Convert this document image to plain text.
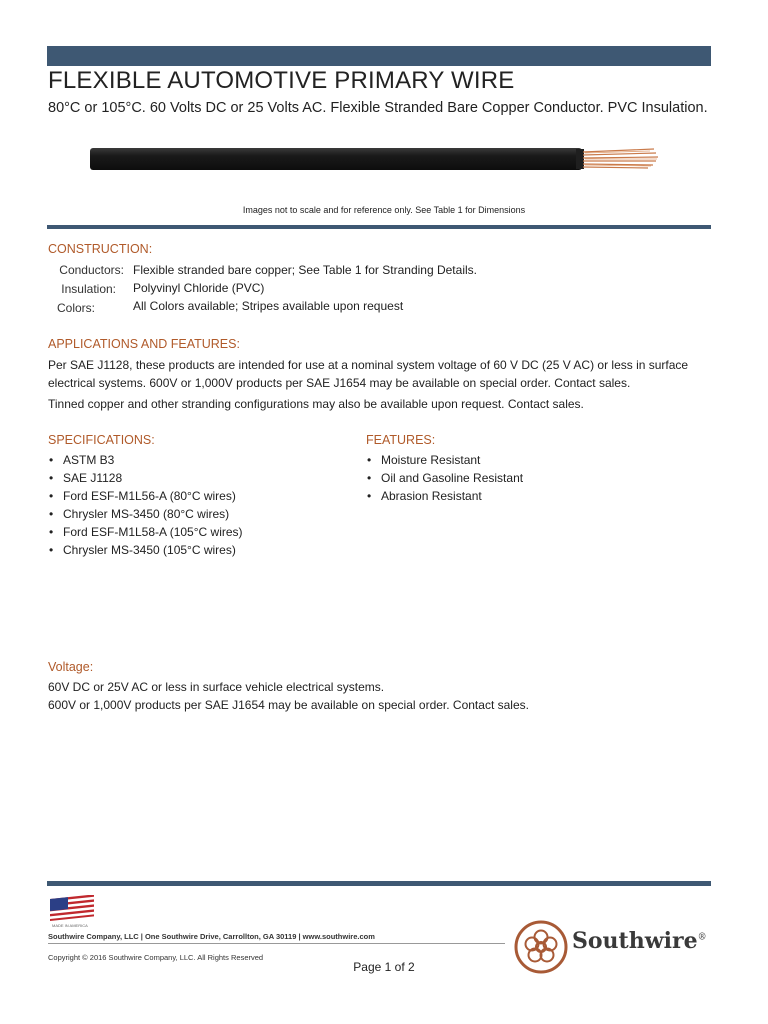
FLEXIBLE AUTOMOTIVE PRIMARY WIRE
80°C or 105°C. 60 Volts DC or 25 Volts AC. Flexible Stranded Bare Copper Conductor. PVC Insulation.
Images not to scale and for reference only. See Table 1 for Dimensions
CONSTRUCTION:
Conductors: Flexible stranded bare copper; See Table 1 for Stranding Details.
Insulation: Polyvinyl Chloride (PVC)
Colors:	All Colors available; Stripes available upon request
APPLICATIONS AND FEATURES:
Per SAE J1128, these products are intended for use at a nominal system voltage of 60 V DC (25 V AC) or less in surface
electrical systems. 600V or 1,000V products per SAE J1654 may be available on special order. Contact sales.
Tinned copper and other stranding configurations may also be available upon request. Contact sales.
SPECIFICATIONS:
• ASTM B3
• SAE J1128
• Ford ESF-M1L56-A (80°C wires)
• Chrysler MS-3450 (80°C wires)
• Ford ESF-M1L58-A (105°C wires)
• Chrysler MS-3450 (105°C wires)
FEATURES:
• Moisture Resistant
• Oil and Gasoline Resistant
• Abrasion Resistant
Voltage:
60V DC or 25V AC or less in surface vehicle electrical systems.
600V or 1,000V products per SAE J1654 may be available on special order. Contact sales.
MADE IN AMERICA
Southwire Company, LLC | One Southwire Drive, Carrollton, GA 30119 | www.southwire.com
Copyright © 2016 Southwire Company, LLC. All Rights Reserved
Southwire®
Page 1 of 2
